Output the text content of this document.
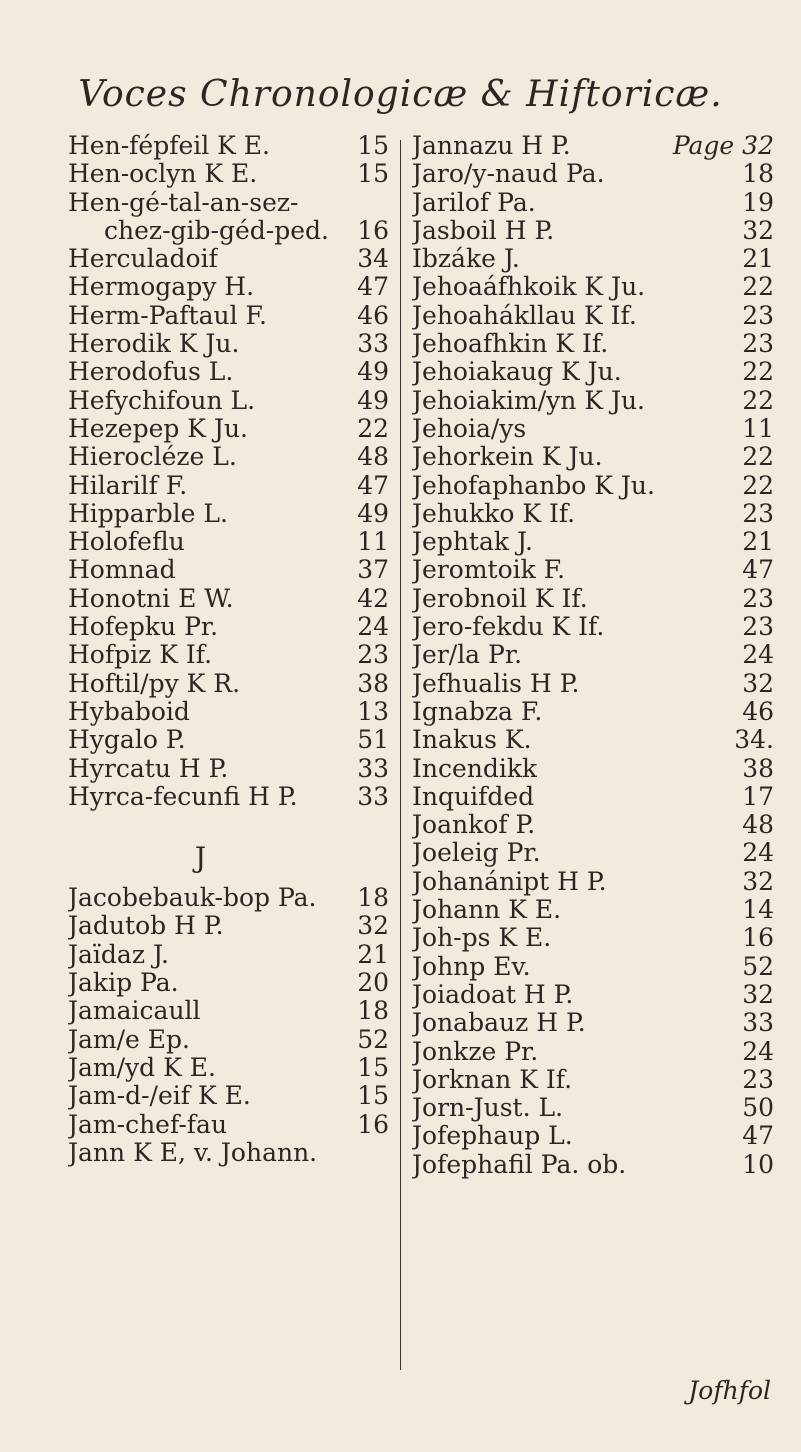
Voces Chronologicæ & Hiftoricæ.
Hen-fépfeil K E.	15
Hen-oclyn K E.	15
Hen-gé-tal-an-sez-
chez-gib-géd-ped. 16
Herculadoif	34
Hermogapy H.	47
Herm-Paftaul F.	46
Herodik K Ju.	33
Herodofus L.	49
Hefychifoun L.	49
Hezepep K Ju.	22
Hierocléze L.	48
Hilarilf F.	47
Hipparble L.	49
Holofeflu	11
Homnad	37
Honotni E W.	42
Hofepku Pr.	24
Hofpiz K If.	23
Hoftil/py K R.	38
Hybaboid	13
Hygalo P.	51
Hyrcatu H P.	33
Hyrca-fecunfi H P. 33
J
Jacobebauk-bop Pa. 18
Jadutob H P.	32
Jaïdaz J.	21
Jakip Pa.	20
Jamaicaull	18
Jam/e Ep.	52
Jam/yd K E.	15
Jam-d-/eif K E.	15
Jam-chef-fau	16
Jann K E, v. Johann.
Jannazu H P.	Page 32
Jaro/y-naud Pa.	18
Jarilof Pa.	19
Jasboil H P.	32
Ibzáke J.	21
Jehoaáfhkoik K Ju.	22
Jehoahákllau K If.	23
Jehoafhkin K If.	23
Jehoiakaug K Ju.	22
Jehoiakim/yn K Ju.	22
Jehoia/ys	11
Jehorkein K Ju.	22
Jehofaphanbo K Ju.	22
Jehukko K If.	23
Jephtak J.	21
Jeromtoik F.	47
Jerobnoil K If.	23
Jero-fekdu K If.	23
Jer/la Pr.	24
Jefhualis H P.	32
Ignabza F.	46
Inakus K.	34.
Incendikk	38
Inquifded	17
Joankof P.	48
Joeleig Pr.	24
Johanánipt H P.	32
Johann K E.	14
Joh-ps K E.	16
Johnp Ev.	52
Joiadoat H P.	32
Jonabauz H P.	33
Jonkze Pr.	24
Jorknan K If.	23
Jorn-Just. L.	50
Jofephaup L.	47
Jofephafil Pa. ob.	10
Jofhfol
